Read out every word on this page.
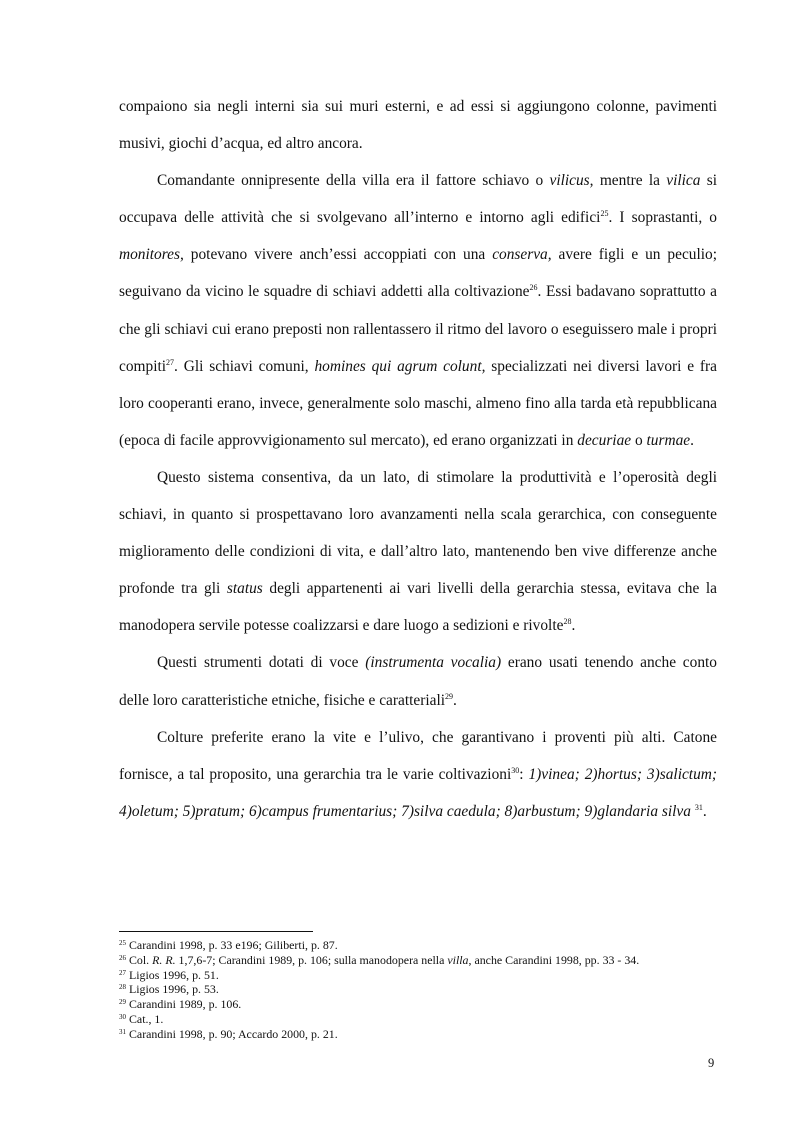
compaiono sia negli interni sia sui muri esterni, e ad essi si aggiungono colonne, pavimenti musivi, giochi d’acqua, ed altro ancora.

Comandante onnipresente della villa era il fattore schiavo o vilicus, mentre la vilica si occupava delle attività che si svolgevano all’interno e intorno agli edifici$^{25}$. I soprastanti, o monitores, potevano vivere anch’essi accoppiati con una conserva, avere figli e un peculio; seguivano da vicino le squadre di schiavi addetti alla coltivazione$^{26}$. Essi badavano soprattutto a che gli schiavi cui erano preposti non rallentassero il ritmo del lavoro o eseguissero male i propri compiti$^{27}$. Gli schiavi comuni, homines qui agrum colunt, specializzati nei diversi lavori e fra loro cooperanti erano, invece, generalmente solo maschi, almeno fino alla tarda età repubblicana (epoca di facile approvvigionamento sul mercato), ed erano organizzati in decuriae o turmae.

Questo sistema consentiva, da un lato, di stimolare la produttività e l’operosità degli schiavi, in quanto si prospettavano loro avanzamenti nella scala gerarchica, con conseguente miglioramento delle condizioni di vita, e dall’altro lato, mantenendo ben vive differenze anche profonde tra gli status degli appartenenti ai vari livelli della gerarchia stessa, evitava che la manodopera servile potesse coalizzarsi e dare luogo a sedizioni e rivolte$^{28}$.

Questi strumenti dotati di voce (instrumenta vocalia) erano usati tenendo anche conto delle loro caratteristiche etniche, fisiche e caratteriali$^{29}$.

Colture preferite erano la vite e l’ulivo, che garantivano i proventi più alti. Catone fornisce, a tal proposito, una gerarchia tra le varie coltivazioni$^{30}$: 1)vinea; 2)hortus; 3)salictum; 4)oletum; 5)pratum; 6)campus frumentarius; 7)silva caedula; 8)arbustum; 9)glandaria silva $^{31}$.

$^{25}$ Carandini 1998, p. 33 e196; Giliberti, p. 87.

$^{26}$ Col. R. R. 1,7,6-7; Carandini 1989, p. 106; sulla manodopera nella villa, anche Carandini 1998, pp. 33 - 34.

$^{27}$ Ligios 1996, p. 51.

$^{28}$ Ligios 1996, p. 53.

$^{29}$ Carandini 1989, p. 106.

$^{30}$ Cat., 1.

$^{31}$ Carandini 1998, p. 90; Accardo 2000, p. 21.

9
